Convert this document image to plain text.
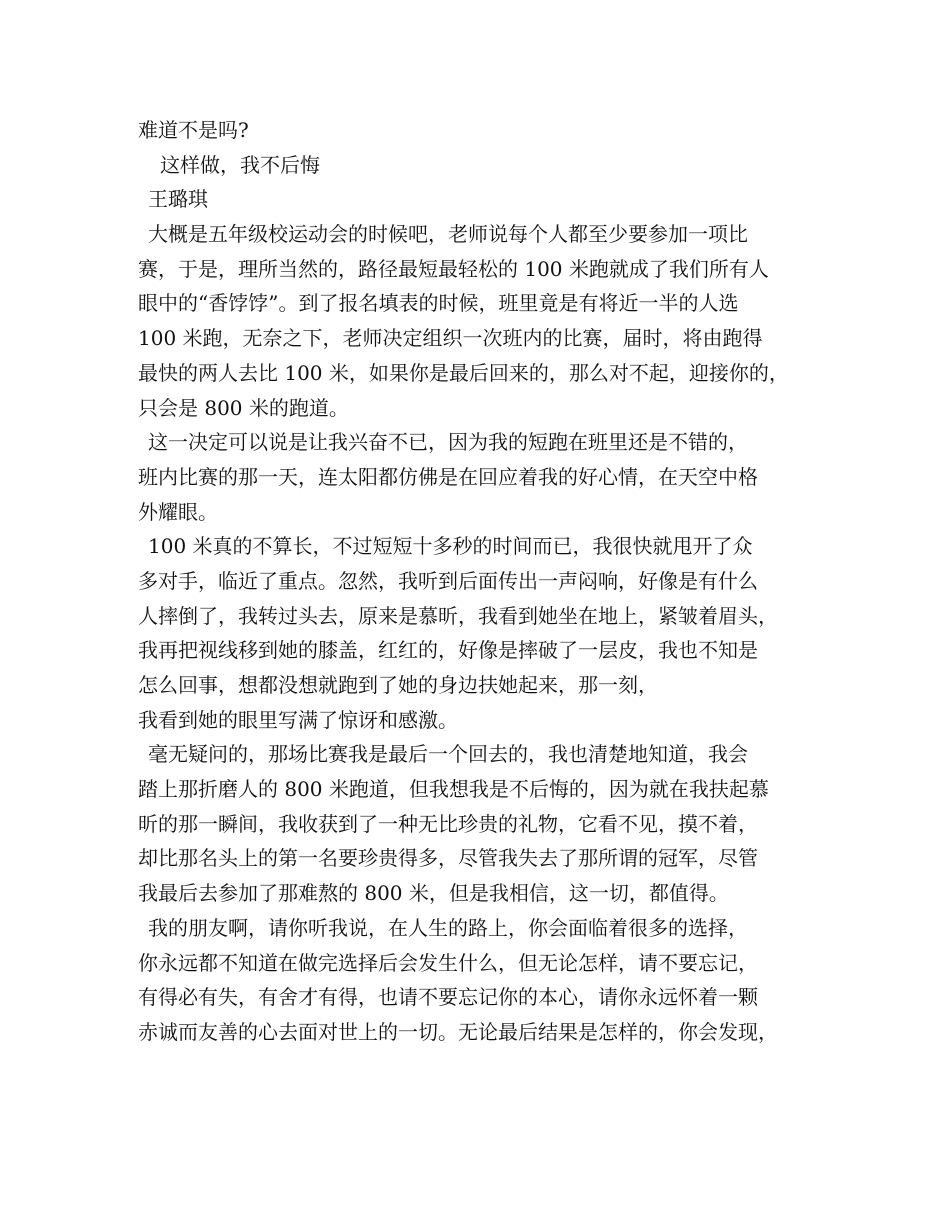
难道不是吗?
这样做，我不后悔
王璐琪
大概是五年级校运动会的时候吧，老师说每个人都至少要参加一项比
赛，于是，理所当然的，路径最短最轻松的 100 米跑就成了我们所有人
眼中的“香饽饽”。到了报名填表的时候，班里竟是有将近一半的人选
100 米跑，无奈之下，老师决定组织一次班内的比赛，届时，将由跑得
最快的两人去比 100 米，如果你是最后回来的，那么对不起，迎接你的，
只会是 800 米的跑道。
这一决定可以说是让我兴奋不已，因为我的短跑在班里还是不错的，
班内比赛的那一天，连太阳都仿佛是在回应着我的好心情，在天空中格
外耀眼。
100 米真的不算长，不过短短十多秒的时间而已，我很快就甩开了众
多对手，临近了重点。忽然，我听到后面传出一声闷响，好像是有什么
人摔倒了，我转过头去，原来是慕昕，我看到她坐在地上，紧皱着眉头，
我再把视线移到她的膝盖，红红的，好像是摔破了一层皮，我也不知是
怎么回事，想都没想就跑到了她的身边扶她起来，那一刻，
我看到她的眼里写满了惊讶和感激。
毫无疑问的，那场比赛我是最后一个回去的，我也清楚地知道，我会
踏上那折磨人的 800 米跑道，但我想我是不后悔的，因为就在我扶起慕
昕的那一瞬间，我收获到了一种无比珍贵的礼物，它看不见，摸不着，
却比那名头上的第一名要珍贵得多，尽管我失去了那所谓的冠军，尽管
我最后去参加了那难熬的 800 米，但是我相信，这一切，都值得。
我的朋友啊，请你听我说，在人生的路上，你会面临着很多的选择，
你永远都不知道在做完选择后会发生什么，但无论怎样，请不要忘记，
有得必有失，有舍才有得，也请不要忘记你的本心，请你永远怀着一颗
赤诚而友善的心去面对世上的一切。无论最后结果是怎样的，你会发现，
